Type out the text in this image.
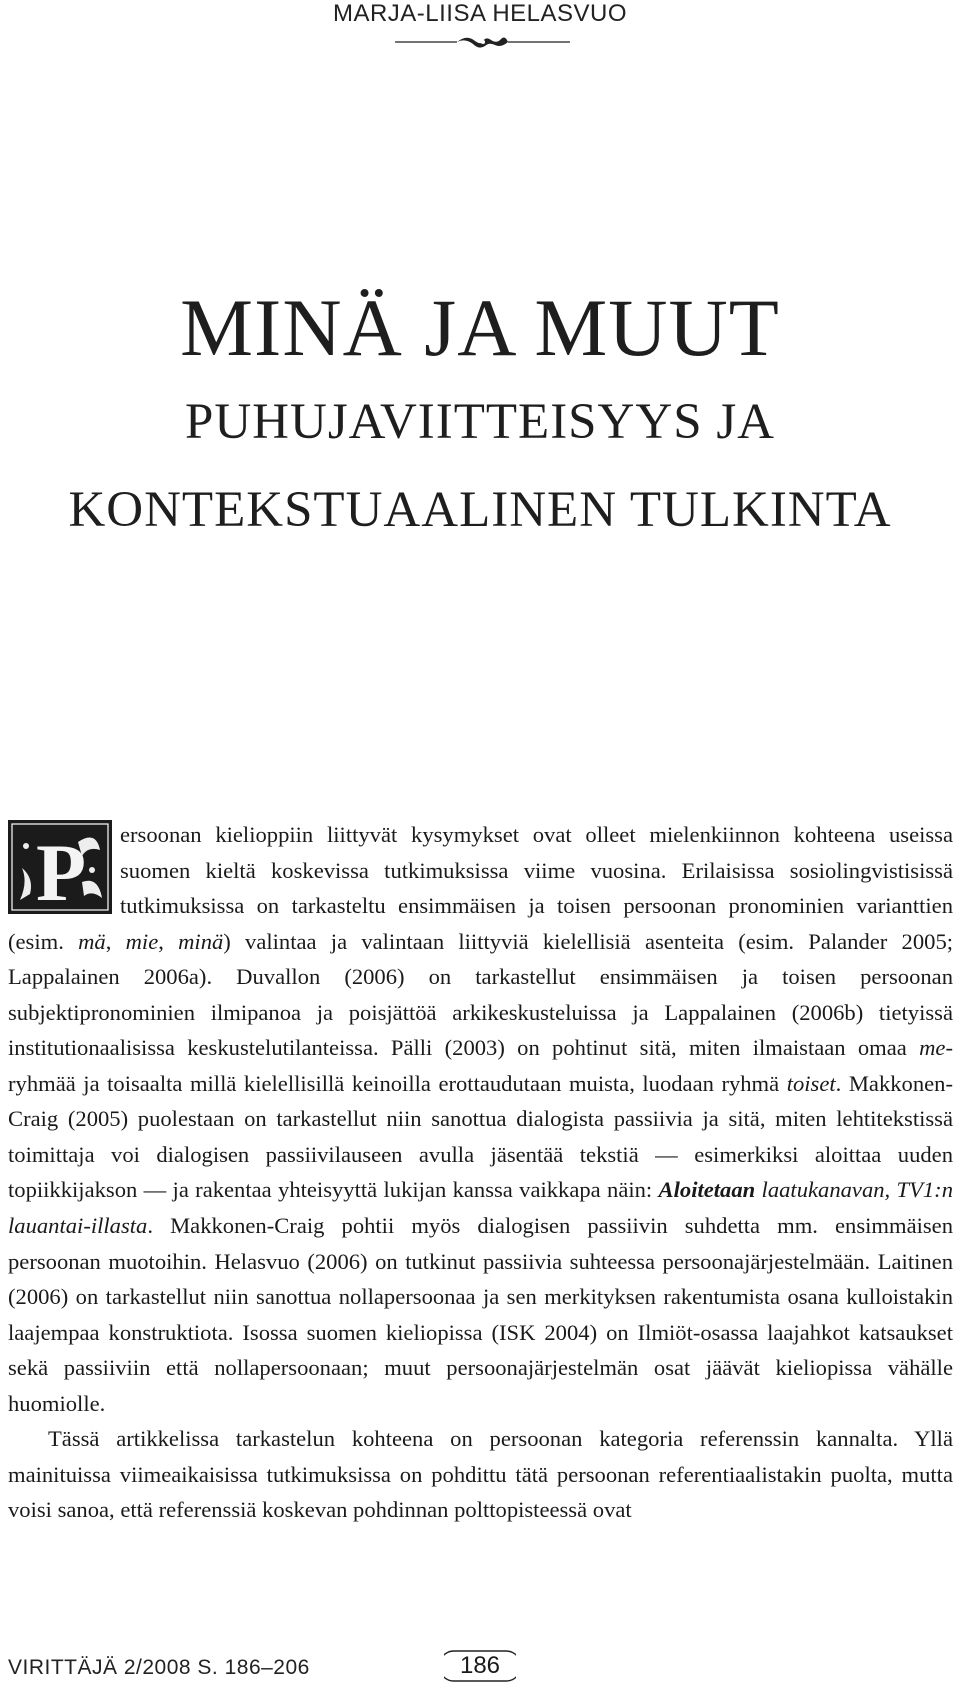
MARJA-LIISA HELASVUO
MINÄ JA MUUT
PUHUJAVIITTEISYYS JA
KONTEKSTUAALINEN TULKINTA
P	ersoonan kielioppiin liittyvät kysymykset ovat olleet mielenkiinnon kohteena useissa suomen kieltä koskevissa tutkimuksissa viime vuosina. Erilaisissa sosiolingvistisissä tutkimuksissa on tarkasteltu ensimmäisen ja toisen persoonan pronominien varianttien (esim. mä, mie, minä) valintaa ja valintaan liittyviä kielellisiä asenteita (esim. Palander 2005; Lappalainen 2006a). Duvallon (2006) on tarkastellut ensimmäisen ja toisen persoonan subjektipronominien ilmipanoa ja poisjättöä arkikeskusteluissa ja Lappalainen (2006b) tietyissä institutionaalisissa keskustelutilanteissa. Pälli (2003) on pohtinut sitä, miten ilmaistaan omaa me-ryhmää ja toisaalta millä kielellisillä keinoilla erottaudutaan muista, luodaan ryhmä toiset. Makkonen-Craig (2005) puolestaan on tarkastellut niin sanottua dialogista passiivia ja sitä, miten lehtitekstissä toimittaja voi dialogisen passiivilauseen avulla jäsentää tekstiä — esimerkiksi aloittaa uuden topiikkijakson — ja rakentaa yhteisyyttä lukijan kanssa vaikkapa näin: Aloitetaan laatukanavan, TV1:n lauantai-illasta. Makkonen-Craig pohtii myös dialogisen passiivin suhdetta mm. ensimmäisen persoonan muotoihin. Helasvuo (2006) on tutkinut passiivia suhteessa persoonajärjestelmään. Laitinen (2006) on tarkastellut niin sanottua nollapersoonaa ja sen merkityksen rakentumista osana kulloistakin laajempaa konstruktiota. Isossa suomen kieliopissa (ISK 2004) on Ilmiöt-osassa laajahkot katsaukset sekä passiiviin että nollapersoonaan; muut persoonajärjestelmän osat jäävät kieliopissa vähälle huomiolle.

Tässä artikkelissa tarkastelun kohteena on persoonan kategoria referenssin kannalta. Yllä mainituissa viimeaikaisissa tutkimuksissa on pohdittu tätä persoonan referentiaalistakin puolta, mutta voisi sanoa, että referenssiä koskevan pohdinnan polttopisteessä ovat

VIRITTÄJÄ 2/2008 S. 186–206	186
